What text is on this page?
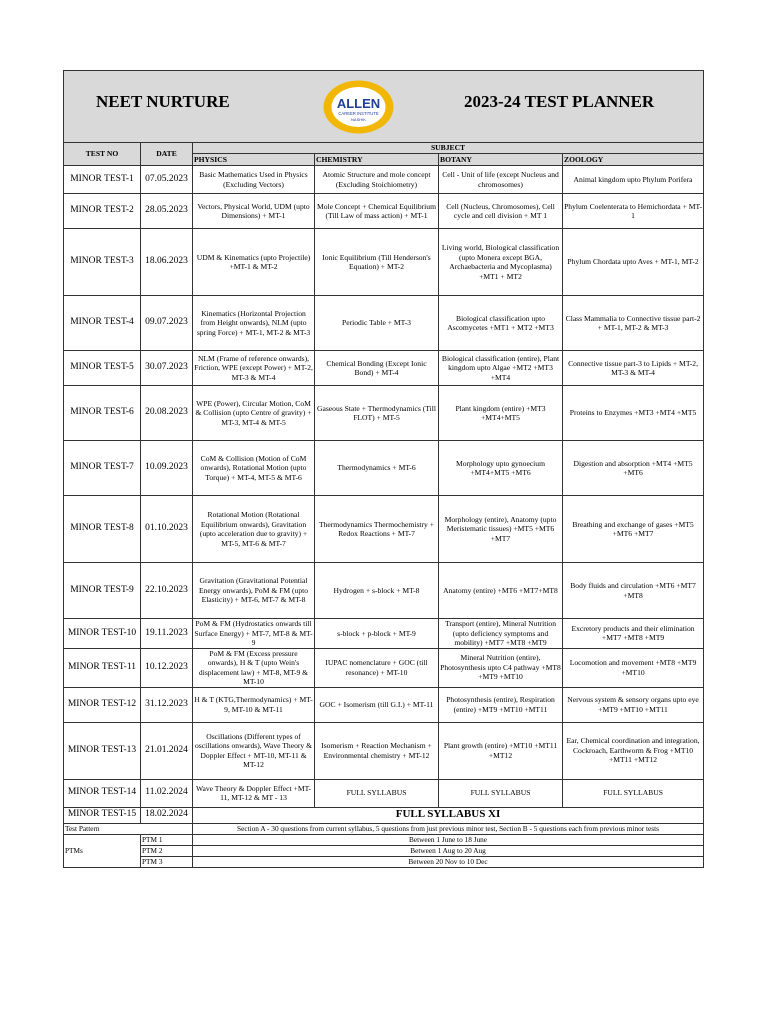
NEET NURTURE ALLEN
CAREER INSTITUTE
NASHIK
2023-24 TEST PLANNER					

TEST NO	DATE	SUBJECT			
		PHYSICS	CHEMISTRY	BOTANY	ZOOLOGY
MINOR TEST-1	07.05.2023	Basic Mathematics Used in Physics (Excluding Vectors)	Atomic Structure and mole concept (Excluding Stoichiometry)	Cell - Unit of life (except Nucleus and chromosomes)	Animal kingdom upto Phylum Porifera
MINOR TEST-2	28.05.2023	Vectors, Physical World, UDM (upto Dimensions) + MT-1	Mole Concept + Chemical Equilibrium (Till Law of mass action) + MT-1	Cell (Nucleus, Chromosomes), Cell cycle and cell division + MT 1	Phylum Coelenterata to Hemichordata + MT-1
MINOR TEST-3	18.06.2023	UDM & Kinematics (upto Projectile) +MT-1 & MT-2	Ionic Equilibrium (Till Henderson's Equation) + MT-2	Living world, Biological classification (upto Monera except BGA, Archaebacteria and Mycoplasma) +MT1 + MT2	Phylum Chordata upto Aves + MT-1, MT-2
MINOR TEST-4	09.07.2023	Kinematics (Horizontal Projection from Height onwards), NLM (upto spring Force) + MT-1, MT-2 & MT-3	Periodic Table + MT-3	Biological classification upto Ascomycetes +MT1 + MT2 +MT3	Class Mammalia to Connective tissue part-2 + MT-1, MT-2 & MT-3
MINOR TEST-5	30.07.2023	NLM (Frame of reference onwards), Friction, WPE (except Power) + MT-2, MT-3 & MT-4	Chemical Bonding (Except Ionic Bond) + MT-4	Biological classification (entire), Plant kingdom upto Algae +MT2 +MT3 +MT4	Connective tissue part-3 to Lipids + MT-2, MT-3 & MT-4
MINOR TEST-6	20.08.2023	WPE (Power), Circular Motion, CoM & Collision (upto Centre of gravity) + MT-3, MT-4 & MT-5	Gaseous State + Thermodynamics (Till FLOT) + MT-5	Plant kingdom (entire) +MT3 +MT4+MT5	Proteins to Enzymes +MT3 +MT4 +MT5
MINOR TEST-7	10.09.2023	CoM & Collision (Motion of CoM onwards), Rotational Motion (upto Torque) + MT-4, MT-5 & MT-6	Thermodynamics + MT-6	Morphology upto gynoecium +MT4+MT5 +MT6	Digestion and absorption +MT4 +MT5 +MT6
MINOR TEST-8	01.10.2023	Rotational Motion (Rotational Equilibrium onwards), Gravitation (upto acceleration due to gravity) + MT-5, MT-6 & MT-7	Thermodynamics Thermochemistry + Redox Reactions + MT-7	Morphology (entire), Anatomy (upto Meristematic tissues) +MT5 +MT6 +MT7	Breathing and exchange of gases +MT5 +MT6 +MT7
MINOR TEST-9	22.10.2023	Gravitation (Gravitational Potential Energy onwards), PoM & FM (upto Elasticity) + MT-6, MT-7 & MT-8	Hydrogen + s-block + MT-8	Anatomy (entire) +MT6 +MT7+MT8	Body fluids and circulation +MT6 +MT7 +MT8
MINOR TEST-10	19.11.2023	PoM & FM (Hydrostatics onwards till Surface Energy) + MT-7, MT-8 & MT-9	s-block + p-block + MT-9	Transport (entire), Mineral Nutrition (upto deficiency symptoms and mobility) +MT7 +MT8 +MT9	Excretory products and their elimination +MT7 +MT8 +MT9
MINOR TEST-11	10.12.2023	PoM & FM (Excess pressure onwards), H & T (upto Wein's displacement law) + MT-8, MT-9 & MT-10	IUPAC nomenclature + GOC (till resonance) + MT-10	Mineral Nutrition (entire), Photosynthesis upto C4 pathway +MT8 +MT9 +MT10	Locomotion and movement +MT8 +MT9 +MT10
MINOR TEST-12	31.12.2023	H & T (KTG,Thermodynamics) + MT-9, MT-10 & MT-11	GOC + Isomerism (till G.I.) + MT-11	Photosynthesis (entire), Respiration (entire) +MT9 +MT10 +MT11	Nervous system & sensory organs upto eye +MT9 +MT10 +MT11
MINOR TEST-13	21.01.2024	Oscillations (Different types of oscillations onwards), Wave Theory & Doppler Effect + MT-10, MT-11 & MT-12	Isomerism + Reaction Mechanism + Environmental chemistry + MT-12	Plant growth (entire) +MT10 +MT11 +MT12	Ear, Chemical coordination and integration, Cockroach, Earthworm & Frog +MT10 +MT11 +MT12
MINOR TEST-14	11.02.2024	Wave Theory & Doppler Effect +MT-11, MT-12 & MT - 13	FULL SYLLABUS	FULL SYLLABUS	FULL SYLLABUS
MINOR TEST-15	18.02.2024	FULL SYLLABUS XI			
Test Pattern		Section A - 30 questions from current syllabus, 5 questions from just previous minor test, Section B - 5 questions each from previous minor tests			
PTMs	PTM 1	Between 1 June to 18 June			
	PTM 2	Between 1 Aug to 20 Aug			
	PTM 3	Between 20 Nov to 10 Dec			
